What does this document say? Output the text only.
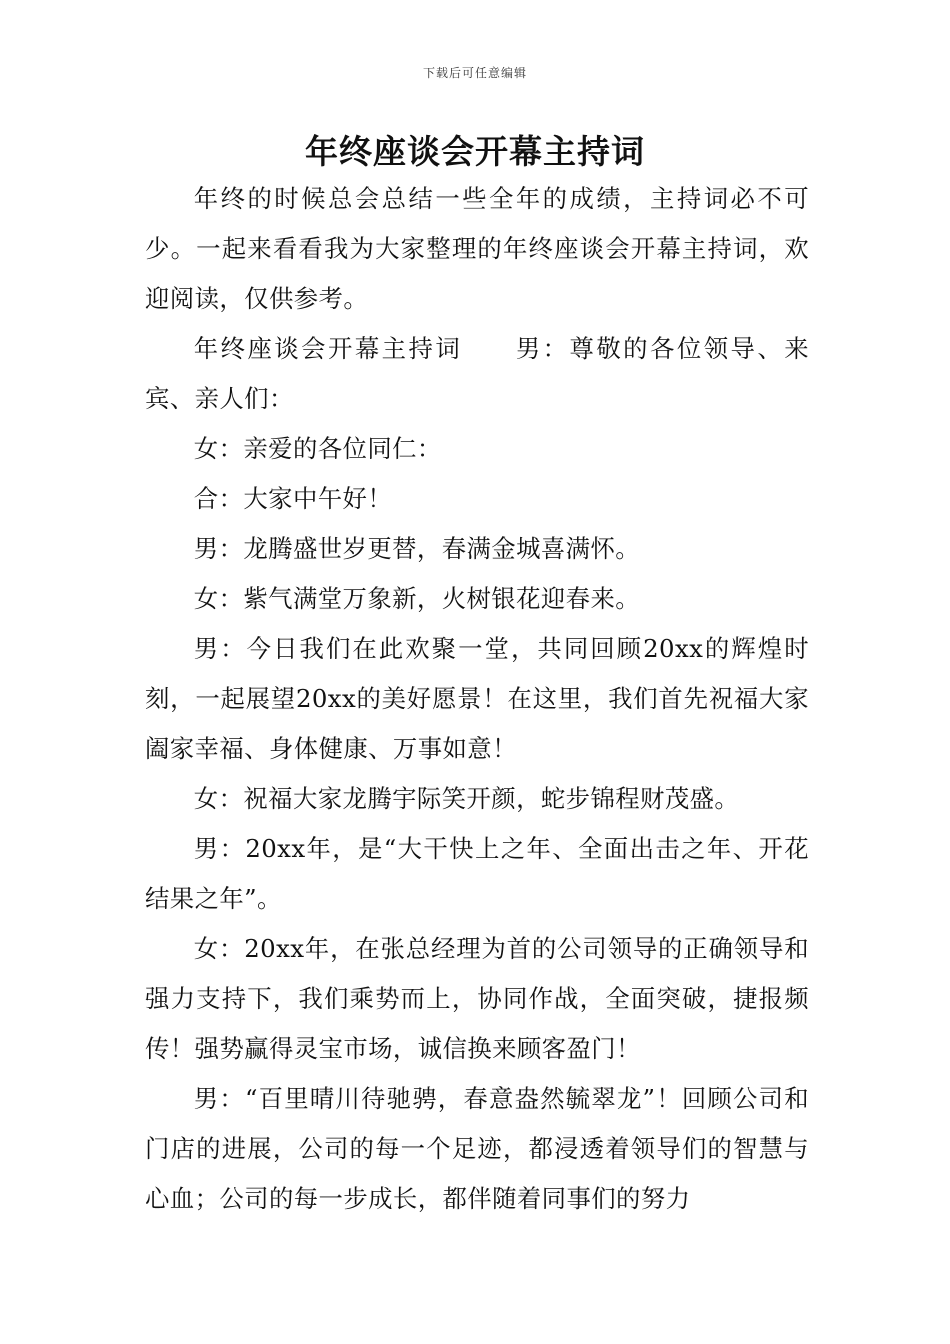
下载后可任意编辑
年终座谈会开幕主持词

年终的时候总会总结一些全年的成绩，主持词必不可少。一起来看看我为大家整理的年终座谈会开幕主持词，欢迎阅读，仅供参考。

年终座谈会开幕主持词　　男：尊敬的各位领导、来宾、亲人们：

女：亲爱的各位同仁：

合：大家中午好！

男：龙腾盛世岁更替，春满金城喜满怀。

女：紫气满堂万象新，火树银花迎春来。

男：今日我们在此欢聚一堂，共同回顾20xx的辉煌时刻，一起展望20xx的美好愿景！在这里，我们首先祝福大家阖家幸福、身体健康、万事如意！

女：祝福大家龙腾宇际笑开颜，蛇步锦程财茂盛。

男：20xx年，是“大干快上之年、全面出击之年、开花结果之年”。

女：20xx年，在张总经理为首的公司领导的正确领导和强力支持下，我们乘势而上，协同作战，全面突破，捷报频传！强势赢得灵宝市场，诚信换来顾客盈门！

男：“百里晴川待驰骋，春意盎然毓翠龙”！回顾公司和门店的进展，公司的每一个足迹，都浸透着领导们的智慧与心血；公司的每一步成长，都伴随着同事们的努力
